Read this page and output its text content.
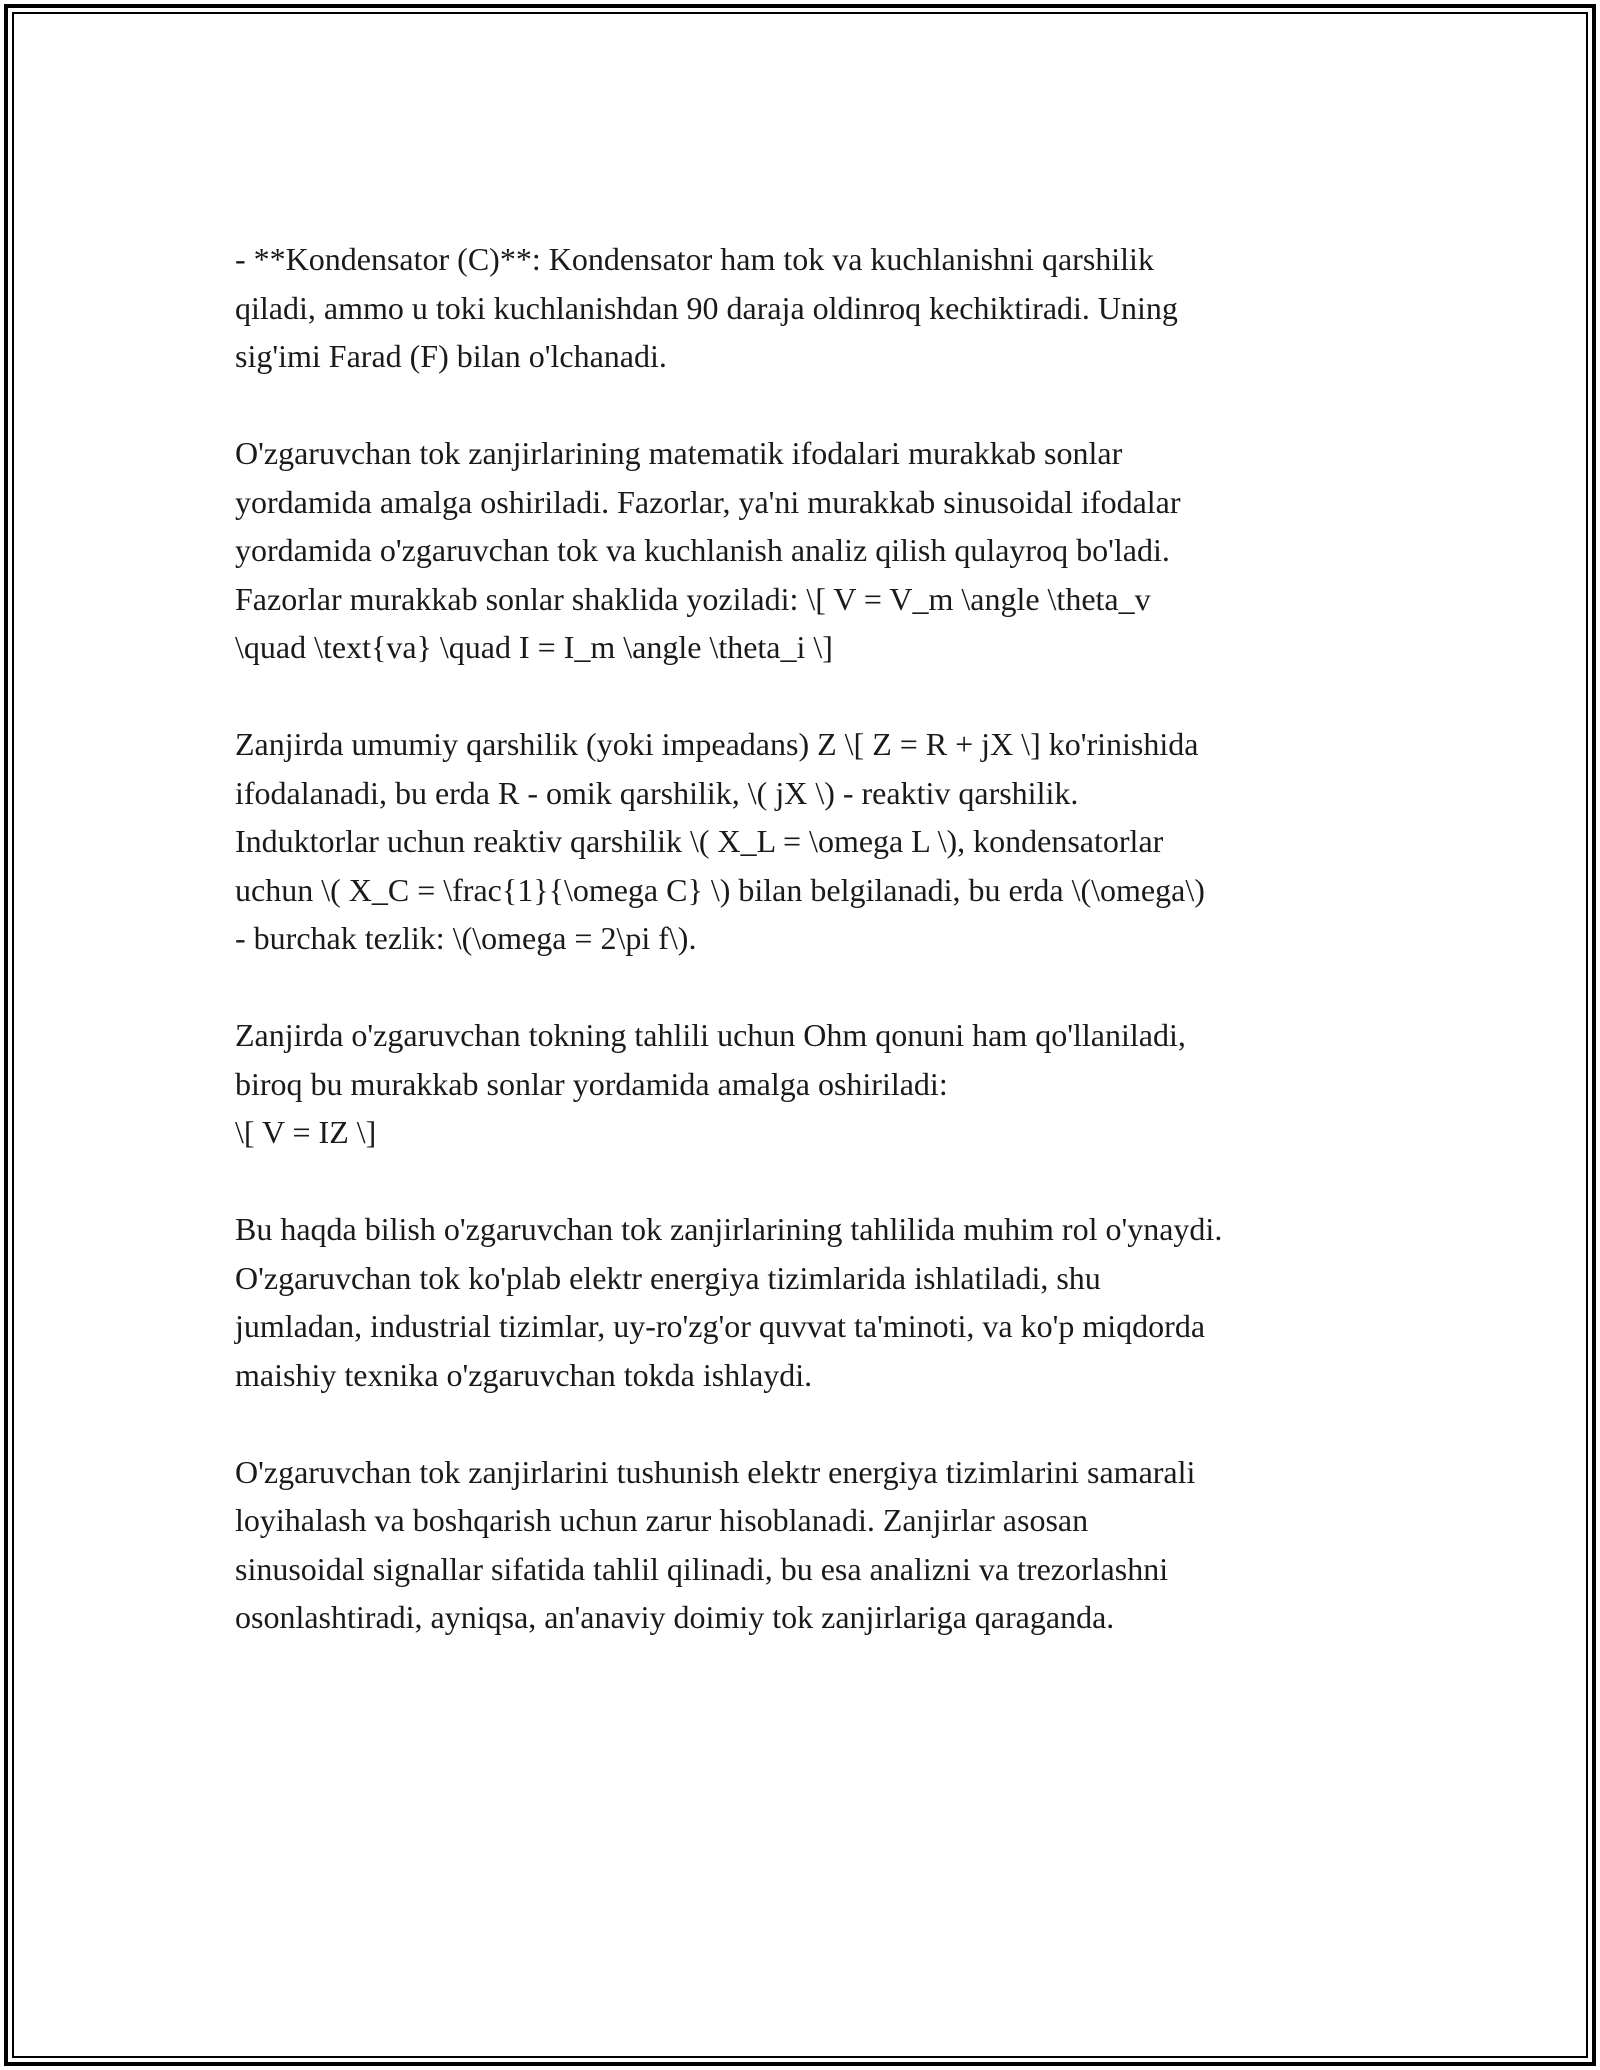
- **Kondensator (C)**: Kondensator ham tok va kuchlanishni qarshilik
qiladi, ammo u toki kuchlanishdan 90 daraja oldinroq kechiktiradi. Uning
sig'imi Farad (F) bilan o'lchanadi.

O'zgaruvchan tok zanjirlarining matematik ifodalari murakkab sonlar
yordamida amalga oshiriladi. Fazorlar, ya'ni murakkab sinusoidal ifodalar
yordamida o'zgaruvchan tok va kuchlanish analiz qilish qulayroq bo'ladi.
Fazorlar murakkab sonlar shaklida yoziladi: \[ V = V_m \angle \theta_v
\quad \text{va} \quad I = I_m \angle \theta_i \]

Zanjirda umumiy qarshilik (yoki impeadans) Z \[ Z = R + jX \] ko'rinishida
ifodalanadi, bu erda R - omik qarshilik, \( jX \) - reaktiv qarshilik.
Induktorlar uchun reaktiv qarshilik \( X_L = \omega L \), kondensatorlar
uchun \( X_C = \frac{1}{\omega C} \) bilan belgilanadi, bu erda \(\omega\)
- burchak tezlik: \(\omega = 2\pi f\).

Zanjirda o'zgaruvchan tokning tahlili uchun Ohm qonuni ham qo'llaniladi,
biroq bu murakkab sonlar yordamida amalga oshiriladi:
\[ V = IZ \]

Bu haqda bilish o'zgaruvchan tok zanjirlarining tahlilida muhim rol o'ynaydi.
O'zgaruvchan tok ko'plab elektr energiya tizimlarida ishlatiladi, shu
jumladan, industrial tizimlar, uy-ro'zg'or quvvat ta'minoti, va ko'p miqdorda
maishiy texnika o'zgaruvchan tokda ishlaydi.

O'zgaruvchan tok zanjirlarini tushunish elektr energiya tizimlarini samarali
loyihalash va boshqarish uchun zarur hisoblanadi. Zanjirlar asosan
sinusoidal signallar sifatida tahlil qilinadi, bu esa analizni va trezorlashni
osonlashtiradi, ayniqsa, an'anaviy doimiy tok zanjirlariga qaraganda.
